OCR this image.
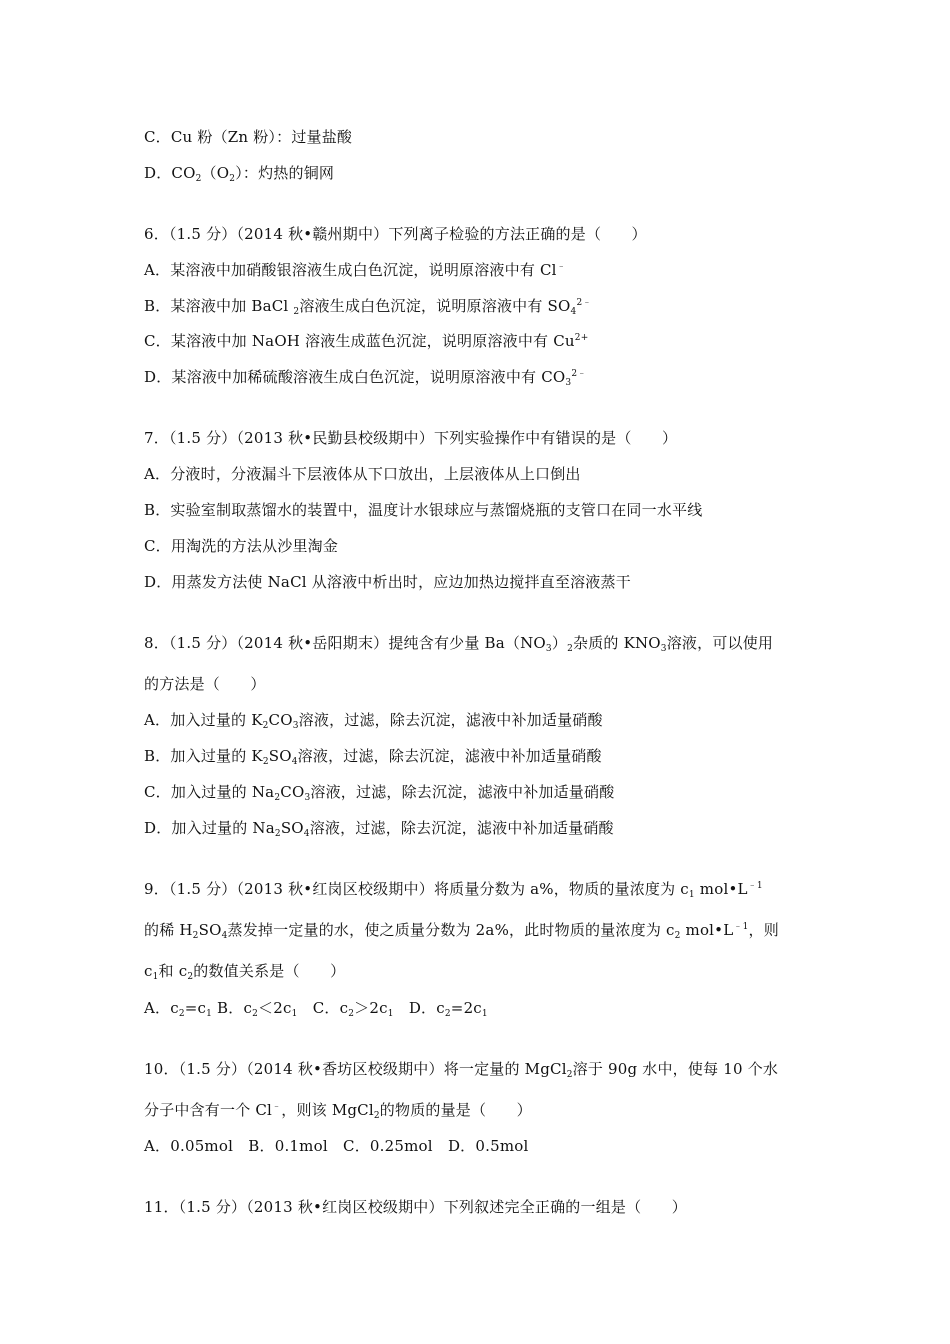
C．Cu 粉（Zn 粉）：过量盐酸
D．$CO_2(O_2)$：灼热的铜网
6．（1.5 分）（2014 秋•赣州期中）下列离子检验的方法正确的是（　　）
A．某溶液中加硝酸银溶液生成白色沉淀，说明原溶液中有 Cl﹣
B．某溶液中加 BaCl $_2$溶液生成白色沉淀，说明原溶液中有 $SO_4^{2﹣}$
C．某溶液中加 NaOH 溶液生成蓝色沉淀，说明原溶液中有 $Cu^{2+}$
D．某溶液中加稀硫酸溶液生成白色沉淀，说明原溶液中有 $CO_3^{2﹣}$
7．（1.5 分）（2013 秋•民勤县校级期中）下列实验操作中有错误的是（　　）
A．分液时，分液漏斗下层液体从下口放出，上层液体从上口倒出
B．实验室制取蒸馏水的装置中，温度计水银球应与蒸馏烧瓶的支管口在同一水平线
C．用淘洗的方法从沙里淘金
D．用蒸发方法使 NaCl 从溶液中析出时，应边加热边搅拌直至溶液蒸干
8．（1.5 分）（2014 秋•岳阳期末）提纯含有少量 $Ba(NO_3)_2$杂质的 $KNO_3$溶液，可以使用
的方法是（　　）
A．加入过量的 $K_2CO_3$溶液，过滤，除去沉淀，滤液中补加适量硝酸
B．加入过量的 $K_2SO_4$溶液，过滤，除去沉淀，滤液中补加适量硝酸
C．加入过量的 $Na_2CO_3$溶液，过滤，除去沉淀，滤液中补加适量硝酸
D．加入过量的 $Na_2SO_4$溶液，过滤，除去沉淀，滤液中补加适量硝酸
9．（1.5 分）（2013 秋•红岗区校级期中）将质量分数为 a%，物质的量浓度为 $c_1$ $mol•L^{﹣1}$
的稀 $H_2SO_4$蒸发掉一定量的水，使之质量分数为 2a%，此时物质的量浓度为 $c_2$ $mol•L^{﹣1}$，则
$c_1$和 $c_2$的数值关系是（　　）
A．$c_2=c_1$ B．$c_2<2c_1$　C．$c_2>2c_1$　D．$c_2=2c_1$
10．（1.5 分）（2014 秋•香坊区校级期中）将一定量的 MgCl$_2$溶于 90g 水中，使每 10 个水
分子中含有一个 Cl﹣，则该 MgCl$_2$的物质的量是（　　）
A．0.05mol　B．0.1mol　C．0.25mol　D．0.5mol
11．（1.5 分）（2013 秋•红岗区校级期中）下列叙述完全正确的一组是（　　）
